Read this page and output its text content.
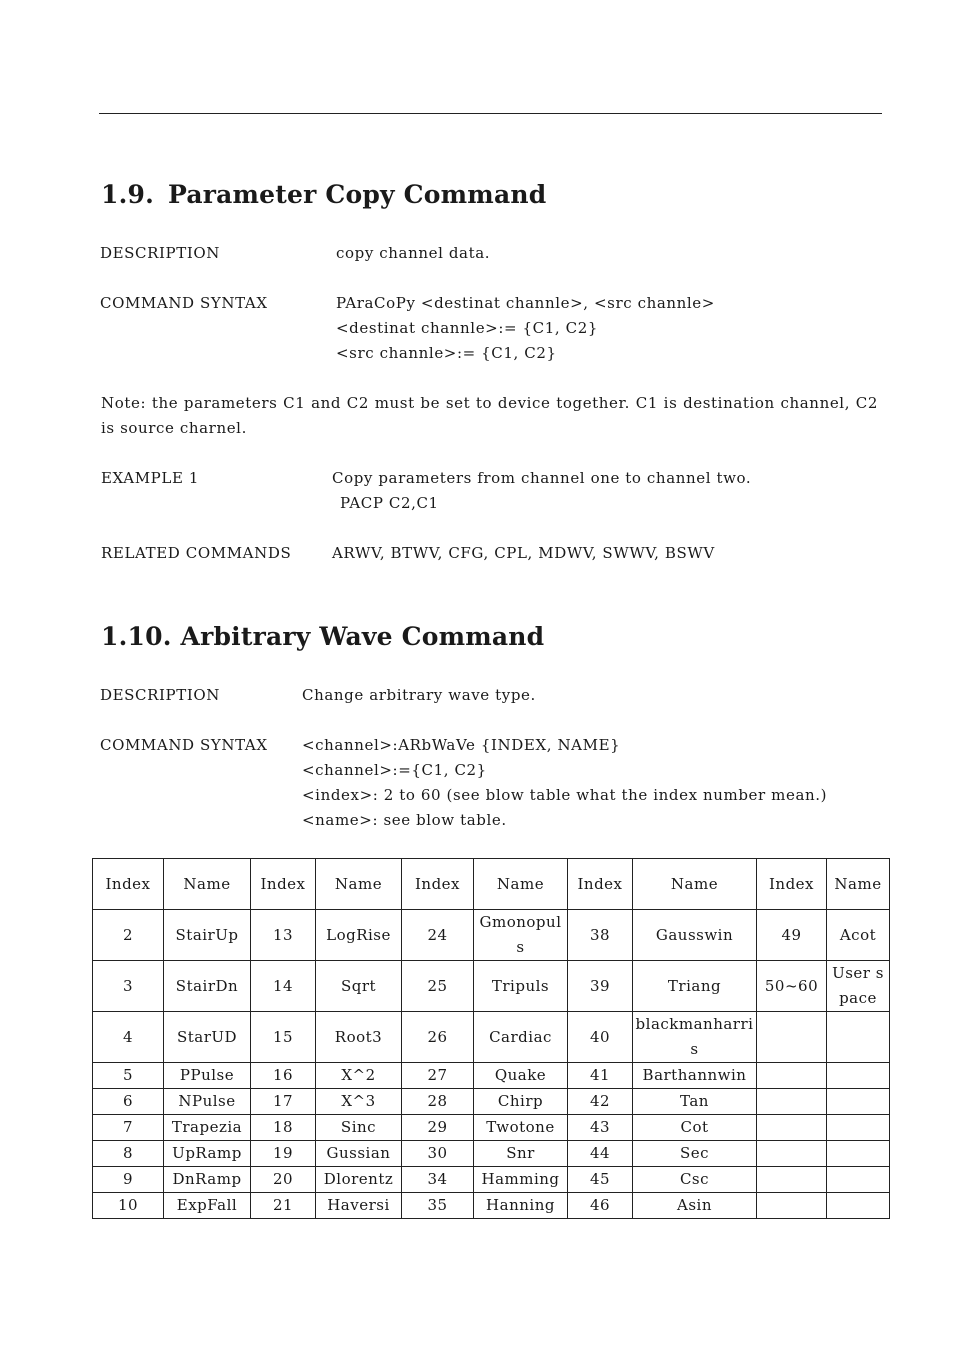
1.9. Parameter Copy Command
DESCRIPTION	copy channel data.
COMMAND SYNTAX	PAraCoPy <destinat channle>, <src channle>
<destinat channle>:= {C1, C2}
<src channle>:= {C1, C2}
Note: the parameters C1 and C2 must be set to device together. C1 is destination channel, C2 is source charnel.
EXAMPLE 1	Copy parameters from channel one to channel two.
PACP C2,C1
RELATED COMMANDS	ARWV, BTWV, CFG, CPL, MDWV, SWWV, BSWV
1.10. Arbitrary Wave Command
DESCRIPTION	Change arbitrary wave type.
COMMAND SYNTAX <channel>:ARbWaVe {INDEX, NAME}
<channel>:={C1, C2}
<index>: 2 to 60 (see blow table what the index number mean.)
<name>: see blow table.
Index	Name	Index	Name	Index	Name	Index	Name	Index	Name
2	StairUp	13	LogRise	24	Gmonopuls	38	Gausswin	49	Acot
3	StairDn	14	Sqrt	25	Tripuls	39	Triang	50~60	User space
4	StarUD	15	Root3	26	Cardiac	40	blackmanharris		
5	PPulse	16	X^2	27	Quake	41	Barthannwin		
6	NPulse	17	X^3	28	Chirp	42	Tan		
7	Trapezia	18	Sinc	29	Twotone	43	Cot		
8	UpRamp	19	Gussian	30	Snr	44	Sec		
9	DnRamp	20	Dlorentz	34	Hamming	45	Csc		
10	ExpFall	21	Haversi	35	Hanning	46	Asin		
